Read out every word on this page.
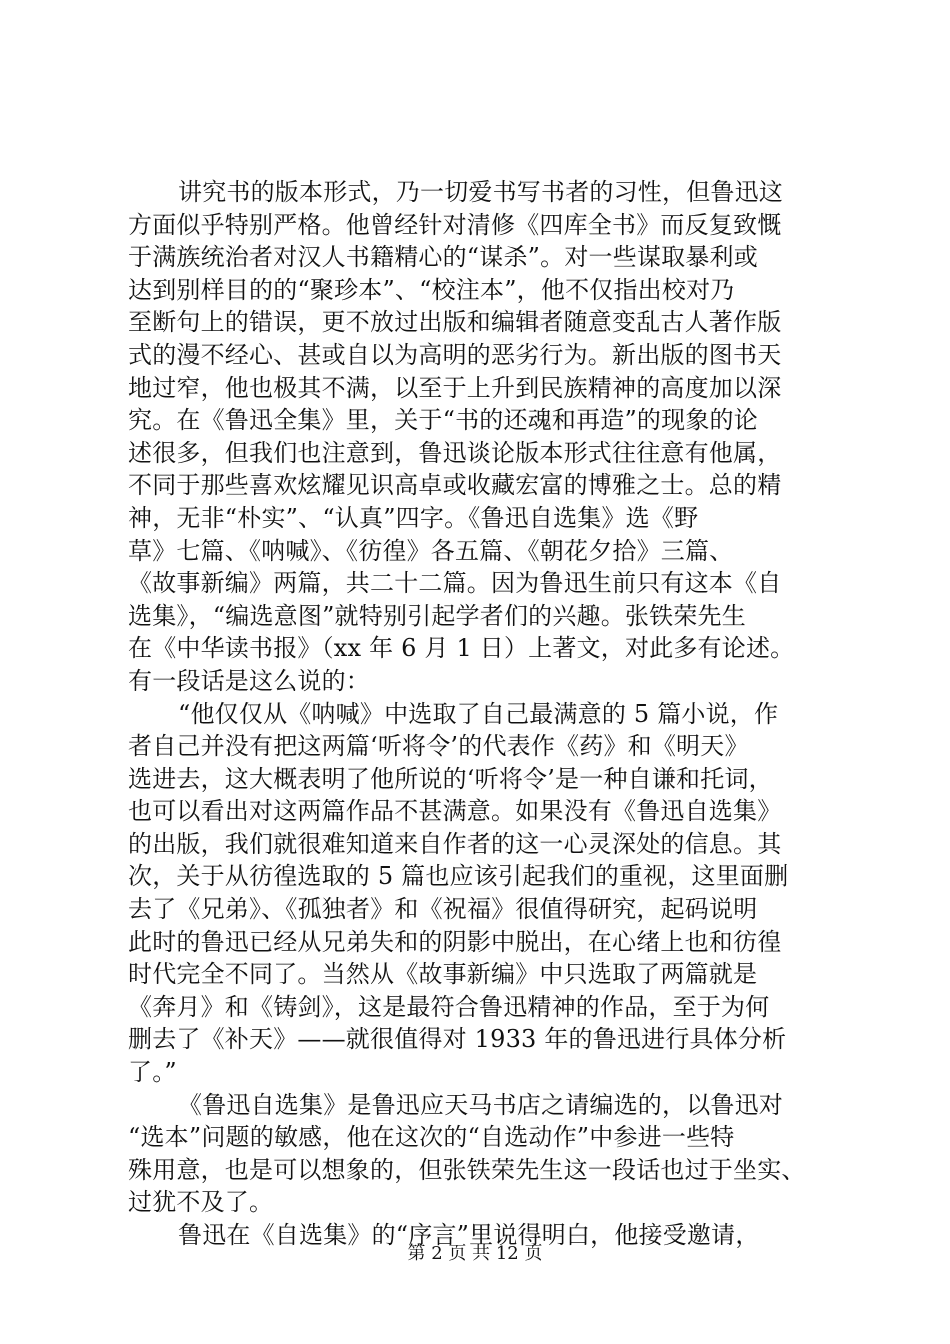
讲究书的版本形式，乃一切爱书写书者的习性，但鲁迅这
方面似乎特别严格。他曾经针对清修《四库全书》而反复致慨
于满族统治者对汉人书籍精心的“谋杀”。对一些谋取暴利或
达到别样目的的“聚珍本”、“校注本”，他不仅指出校对乃
至断句上的错误，更不放过出版和编辑者随意变乱古人著作版
式的漫不经心、甚或自以为高明的恶劣行为。新出版的图书天
地过窄，他也极其不满，以至于上升到民族精神的高度加以深
究。在《鲁迅全集》里，关于“书的还魂和再造”的现象的论
述很多，但我们也注意到，鲁迅谈论版本形式往往意有他属，
不同于那些喜欢炫耀见识高卓或收藏宏富的博雅之士。总的精
神，无非“朴实”、“认真”四字。《鲁迅自选集》选《野
草》七篇、《呐喊》、《彷徨》各五篇、《朝花夕拾》三篇、
《故事新编》两篇，共二十二篇。因为鲁迅生前只有这本《自
选集》，“编选意图”就特别引起学者们的兴趣。张铁荣先生
在《中华读书报》（xx 年 6 月 1 日）上著文，对此多有论述。
有一段话是这么说的：
“他仅仅从《呐喊》中选取了自己最满意的 5 篇小说，作
者自己并没有把这两篇‘听将令’的代表作《药》和《明天》
选进去，这大概表明了他所说的‘听将令’是一种自谦和托词，
也可以看出对这两篇作品不甚满意。如果没有《鲁迅自选集》
的出版，我们就很难知道来自作者的这一心灵深处的信息。其
次，关于从彷徨选取的 5 篇也应该引起我们的重视，这里面删
去了《兄弟》、《孤独者》和《祝福》很值得研究，起码说明
此时的鲁迅已经从兄弟失和的阴影中脱出，在心绪上也和彷徨
时代完全不同了。当然从《故事新编》中只选取了两篇就是
《奔月》和《铸剑》，这是最符合鲁迅精神的作品，至于为何
删去了《补天》——就很值得对 1933 年的鲁迅进行具体分析
了。”
《鲁迅自选集》是鲁迅应天马书店之请编选的，以鲁迅对
“选本”问题的敏感，他在这次的“自选动作”中参进一些特
殊用意，也是可以想象的，但张铁荣先生这一段话也过于坐实、
过犹不及了。
鲁迅在《自选集》的“序言”里说得明白，他接受邀请，
第 2 页 共 12 页
